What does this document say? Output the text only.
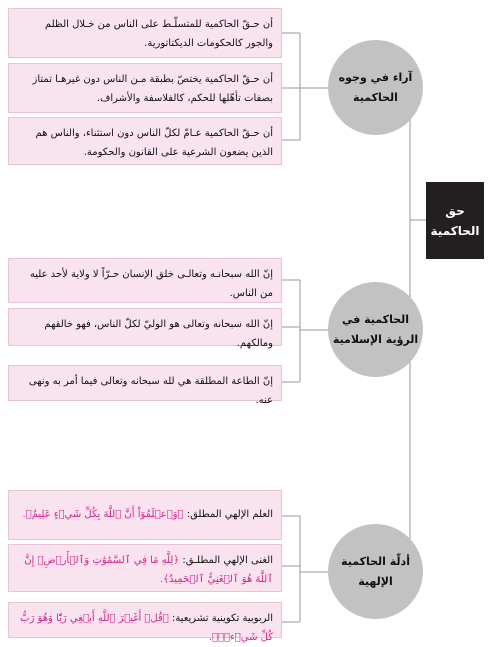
حق
الحاكمية
آراء في وجوه
الحاكمية
أن حـقّ الحاكمية للمتسلّـط على الناس من خـلال الظلم والجور كالحكومات الديكتاتورية.
أن حـقّ الحاكمية يختصّ بطبقة مـن الناس دون غيرهـا تمتاز بصفات تأهّلها للحكم، كالفلاسفة والأشراف.
أن حـقّ الحاكمية عـامّ لكلّ الناس دون استثناء، والناس هم الذين يضعون الشرعية على القانون والحكومة.
الحاكمية في
الرؤية الإسلامية
إنّ الله سبحانـه وتعالـى خلق الإنسان حـرّاً لا ولاية لأحد عليه من الناس.
إنّ الله سبحانه وتعالى هو الوليّ لكلّ الناس، فهو خالقهم ومالكهم.
إنّ الطاعة المطلقة هي لله سبحانه وتعالى فيما أمر به ونهى عنه.
أدلّة الحاكمية
الإلهية
العلم الإلهي المطلق: ﴿وَٱعۡلَمُوٓاْ أَنَّ ٱللَّهَ بِكُلِّ شَيۡءٍ عَلِيمٌ﴾.
الغنى الإلهي المطلـق: ﴿لِلَّهِ مَا فِي ٱلسَّمَٰوَٰتِ وَٱلۡأَرۡضِۚ إِنَّ ٱللَّهَ هُوَ ٱلۡغَنِيُّ ٱلۡحَمِيدُ﴾.
الربوبية تكوينية تشريعية: ﴿قُلۡ أَغَيۡرَ ٱللَّهِ أَبۡغِي رَبّٗا وَهُوَ رَبُّ كُلِّ شَيۡءٖۚ﴾.
